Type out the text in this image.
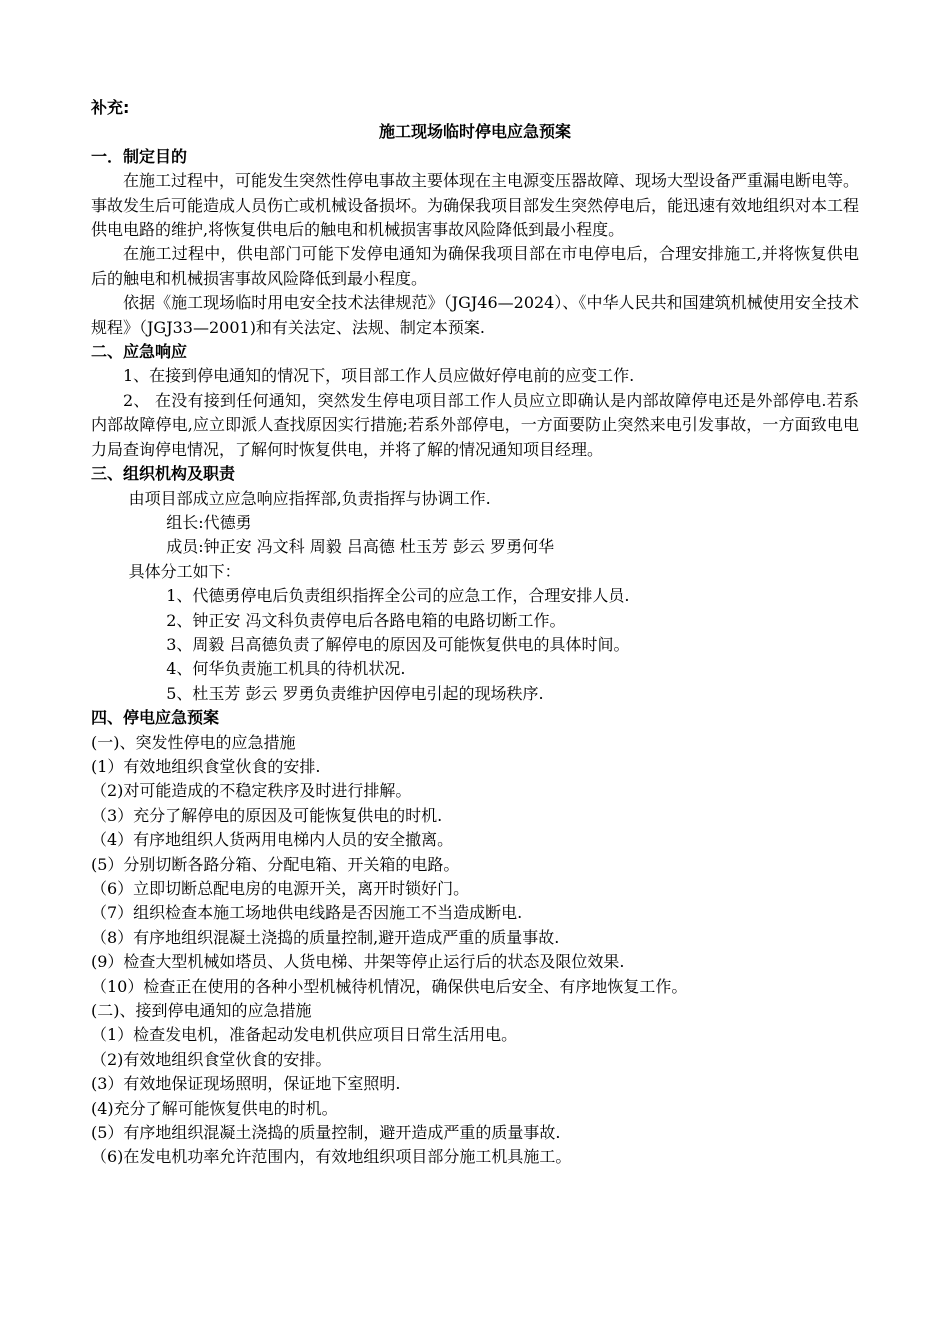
补充:

施工现场临时停电应急预案

一．制定目的

在施工过程中，可能发生突然性停电事故主要体现在主电源变压器故障、现场大型设备严重漏电断电等。事故发生后可能造成人员伤亡或机械设备损坏。为确保我项目部发生突然停电后，能迅速有效地组织对本工程供电电路的维护,将恢复供电后的触电和机械损害事故风险降低到最小程度。

在施工过程中，供电部门可能下发停电通知为确保我项目部在市电停电后，合理安排施工,并将恢复供电后的触电和机械损害事故风险降低到最小程度。

依据《施工现场临时用电安全技术法律规范》（JGJ46—2024）、《中华人民共和国建筑机械使用安全技术规程》（JGJ33—2001)和有关法定、法规、制定本预案.

二、应急响应

1、在接到停电通知的情况下，项目部工作人员应做好停电前的应变工作.

2、 在没有接到任何通知，突然发生停电项目部工作人员应立即确认是内部故障停电还是外部停电.若系内部故障停电,应立即派人查找原因实行措施;若系外部停电，一方面要防止突然来电引发事故，一方面致电电力局查询停电情况，了解何时恢复供电，并将了解的情况通知项目经理。

三、组织机构及职责

由项目部成立应急响应指挥部,负责指挥与协调工作.

组长:代德勇

成员:钟正安 冯文科 周毅 吕高德 杜玉芳 彭云 罗勇何华

具体分工如下：

1、代德勇停电后负责组织指挥全公司的应急工作，合理安排人员.

2、钟正安 冯文科负责停电后各路电箱的电路切断工作。

3、周毅 吕高德负责了解停电的原因及可能恢复供电的具体时间。

4、何华负责施工机具的待机状况.

5、杜玉芳 彭云 罗勇负责维护因停电引起的现场秩序.

四、停电应急预案

(一)、突发性停电的应急措施

(1）有效地组织食堂伙食的安排.

（2)对可能造成的不稳定秩序及时进行排解。

（3）充分了解停电的原因及可能恢复供电的时机.

（4）有序地组织人货两用电梯内人员的安全撤离。

(5）分别切断各路分箱、分配电箱、开关箱的电路。

（6）立即切断总配电房的电源开关，离开时锁好门。

（7）组织检查本施工场地供电线路是否因施工不当造成断电.

（8）有序地组织混凝土浇捣的质量控制,避开造成严重的质量事故.

(9）检查大型机械如塔员、人货电梯、井架等停止运行后的状态及限位效果.

（10）检查正在使用的各种小型机械待机情况，确保供电后安全、有序地恢复工作。

(二)、接到停电通知的应急措施

（1）检查发电机，准备起动发电机供应项目日常生活用电。

（2)有效地组织食堂伙食的安排。

(3）有效地保证现场照明，保证地下室照明.

(4)充分了解可能恢复供电的时机。

(5）有序地组织混凝土浇捣的质量控制，避开造成严重的质量事故.

（6)在发电机功率允许范围内，有效地组织项目部分施工机具施工。
